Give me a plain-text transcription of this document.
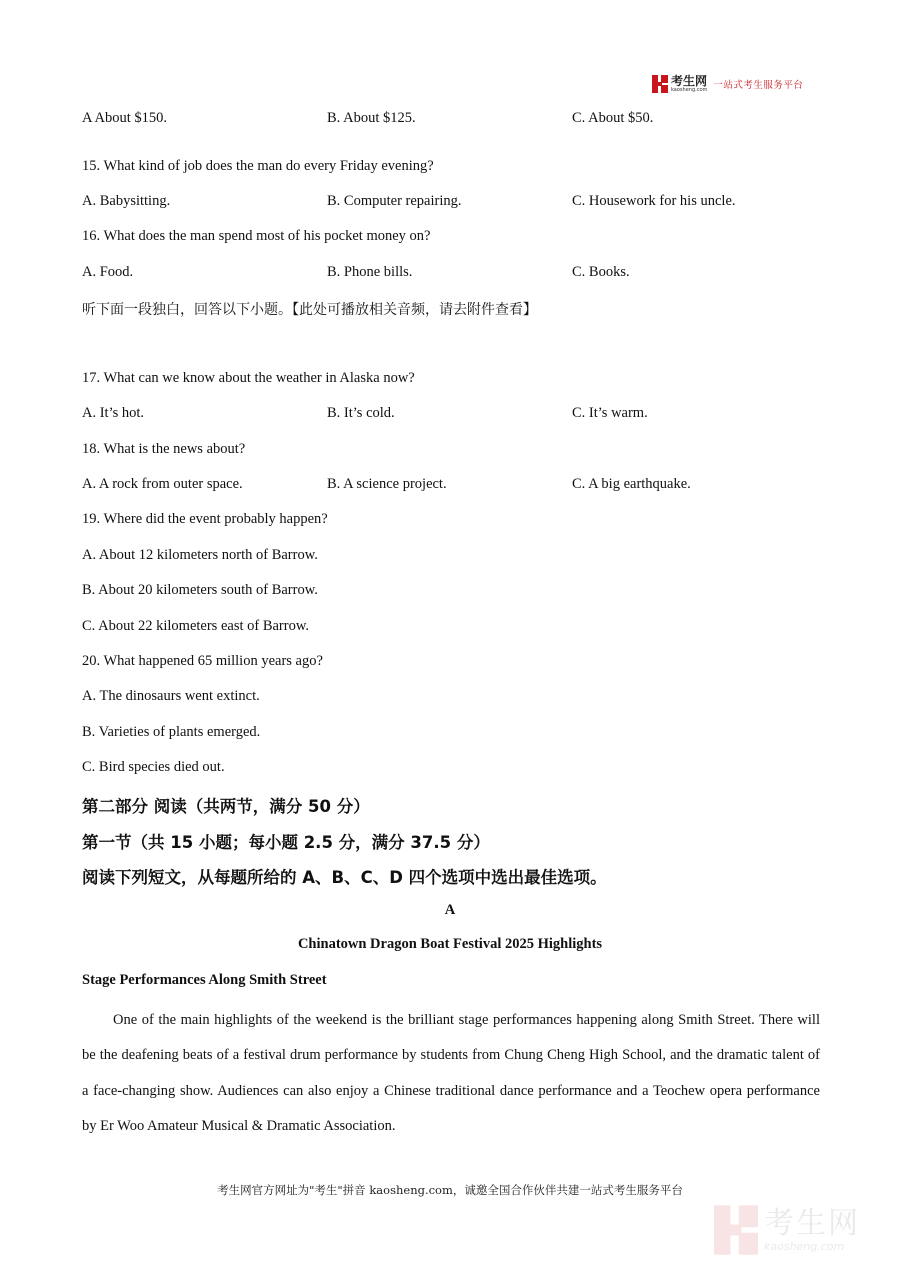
考生网
kaosheng.com 一站式考生服务平台
A About $150.	B. About $125.	C. About $50.
15. What kind of job does the man do every Friday evening?
A. Babysitting.	B. Computer repairing.	C. Housework for his uncle.
16. What does the man spend most of his pocket money on?
A. Food.	B. Phone bills.	C. Books.
听下面一段独白，回答以下小题。【此处可播放相关音频，请去附件查看】
17. What can we know about the weather in Alaska now?
A. It’s hot.	B. It’s cold.	C. It’s warm.
18. What is the news about?
A. A rock from outer space.	B. A science project.	C. A big earthquake.
19. Where did the event probably happen?
A. About 12 kilometers north of Barrow.
B. About 20 kilometers south of Barrow.
C. About 22 kilometers east of Barrow.
20. What happened 65 million years ago?
A. The dinosaurs went extinct.
B. Varieties of plants emerged.
C. Bird species died out.
第二部分 阅读（共两节，满分 50 分）
第一节（共 15 小题；每小题 2.5 分，满分 37.5 分）
阅读下列短文，从每题所给的 A、B、C、D 四个选项中选出最佳选项。
A
Chinatown Dragon Boat Festival 2025 Highlights
Stage Performances Along Smith Street
One of the main highlights of the weekend is the brilliant stage performances happening along Smith Street. There will be the deafening beats of a festival drum performance by students from Chung Cheng High School, and the dramatic talent of a face-changing show. Audiences can also enjoy a Chinese traditional dance performance and a Teochew opera performance by Er Woo Amateur Musical & Dramatic Association.
考生网官方网址为"考生"拼音 kaosheng.com，诚邀全国合作伙伴共建一站式考生服务平台
考生网
kaosheng.com
